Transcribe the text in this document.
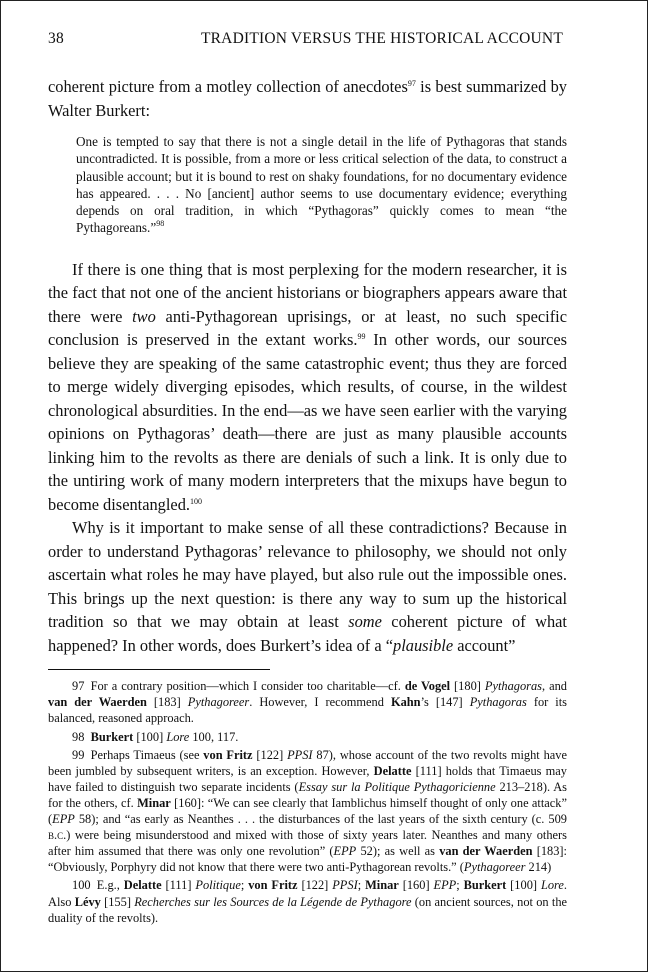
38	TRADITION VERSUS THE HISTORICAL ACCOUNT

coherent picture from a motley collection of anecdotes$^{97}$ is best summarized by Walter Burkert:

One is tempted to say that there is not a single detail in the life of Pythagoras that stands uncontradicted. It is possible, from a more or less critical selection of the data, to construct a plausible account; but it is bound to rest on shaky foundations, for no documentary evidence has appeared. . . . No [ancient] author seems to use documentary evidence; everything depends on oral tradition, in which “Pythagoras” quickly comes to mean “the Pythagoreans.”$^{98}$

If there is one thing that is most perplexing for the modern researcher, it is the fact that not one of the ancient historians or biographers appears aware that there were two anti-Pythagorean uprisings, or at least, no such specific conclusion is preserved in the extant works.$^{99}$ In other words, our sources believe they are speaking of the same catastrophic event; thus they are forced to merge widely diverging episodes, which results, of course, in the wildest chronological absurdities. In the end—as we have seen earlier with the varying opinions on Pythagoras’ death—there are just as many plausible accounts linking him to the revolts as there are denials of such a link. It is only due to the untiring work of many modern interpreters that the mixups have begun to become disentangled.$^{100}$

Why is it important to make sense of all these contradictions? Because in order to understand Pythagoras’ relevance to philosophy, we should not only ascertain what roles he may have played, but also rule out the impossible ones. This brings up the next question: is there any way to sum up the historical tradition so that we may obtain at least some coherent picture of what happened? In other words, does Burkert’s idea of a “plausible account”

97  For a contrary position—which I consider too charitable—cf. de Vogel [180] Pythagoras, and van der Waerden [183] Pythagoreer. However, I recommend Kahn’s [147] Pythagoras for its balanced, reasoned approach.

98  Burkert [100] Lore 100, 117.

99  Perhaps Timaeus (see von Fritz [122] PPSI 87), whose account of the two revolts might have been jumbled by subsequent writers, is an exception. However, Delatte [111] holds that Timaeus may have failed to distinguish two separate incidents (Essay sur la Politique Pythagoricienne 213–218). As for the others, cf. Minar [160]: “We can see clearly that Iamblichus himself thought of only one attack” (EPP 58); and “as early as Neanthes . . . the disturbances of the last years of the sixth century (c. 509 b.c.) were being misunderstood and mixed with those of sixty years later. Neanthes and many others after him assumed that there was only one revolution” (EPP 52); as well as van der Waerden [183]: “Obviously, Porphyry did not know that there were two anti-Pythagorean revolts.” (Pythagoreer 214)

100  E.g., Delatte [111] Politique; von Fritz [122] PPSI; Minar [160] EPP; Burkert [100] Lore. Also Lévy [155] Recherches sur les Sources de la Légende de Pythagore (on ancient sources, not on the duality of the revolts).
